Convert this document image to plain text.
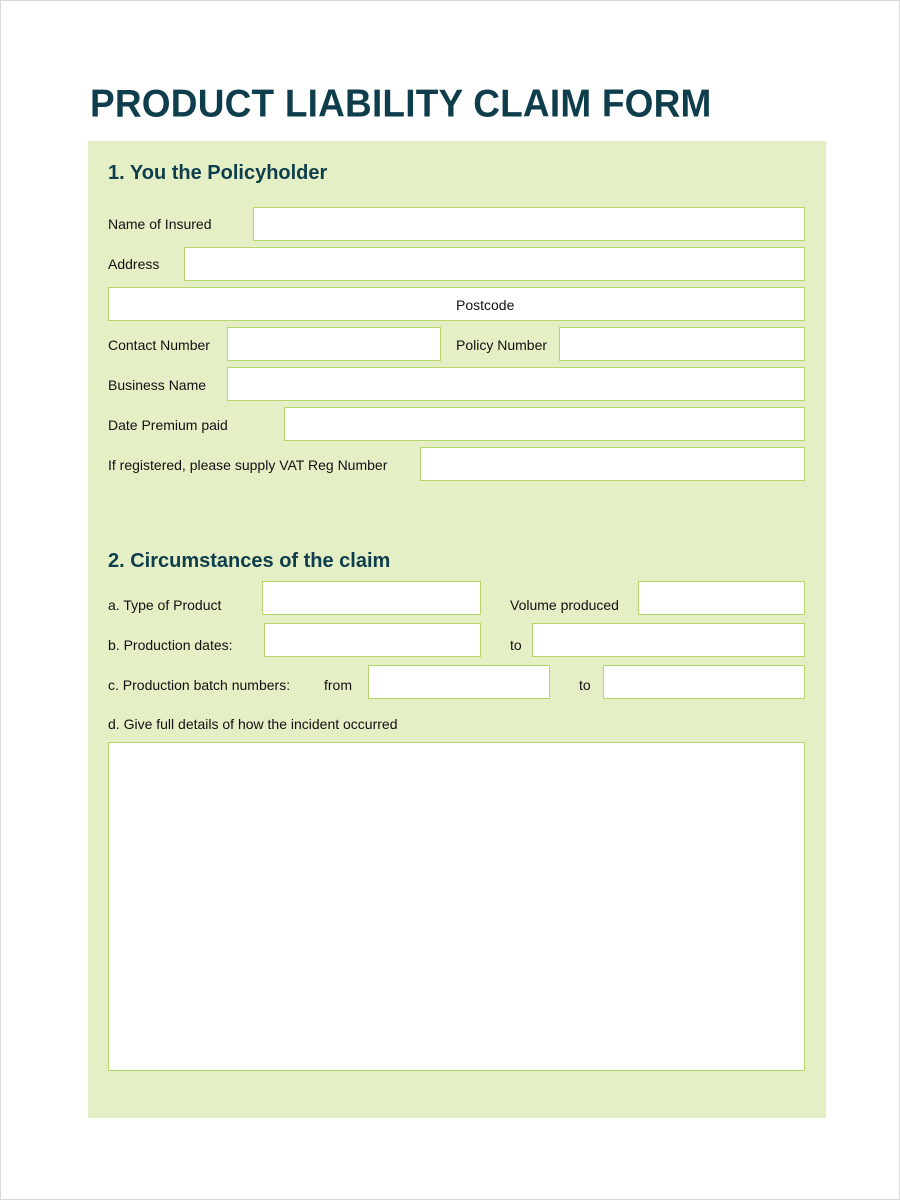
PRODUCT LIABILITY CLAIM FORM
1. You the Policyholder
Name of Insured
Address
Postcode
Contact Number	Policy Number
Business Name
Date Premium paid
If registered, please supply VAT Reg Number
2. Circumstances of the claim
a. Type of Product	Volume produced
b. Production dates:	to
c. Production batch numbers: from	to
d. Give full details of how the incident occurred
